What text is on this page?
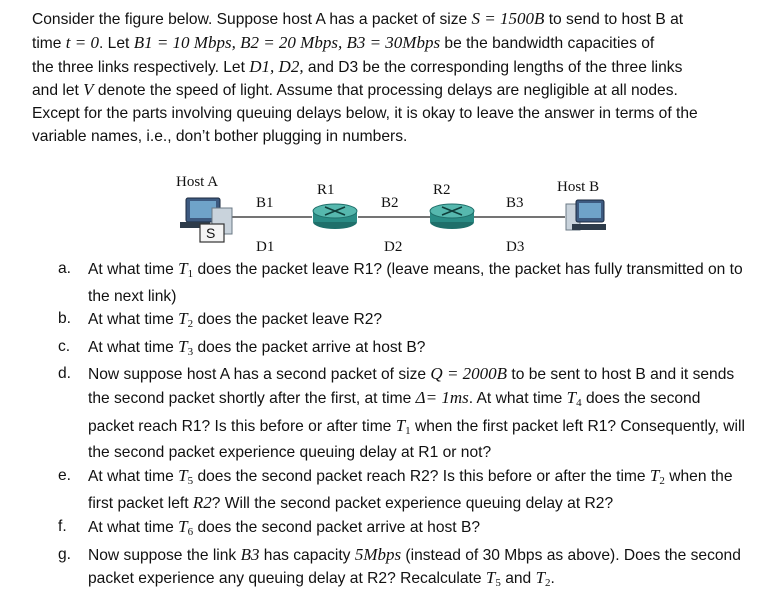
Consider the figure below. Suppose host A has a packet of size S = 1500B to send to host B at
time t = 0. Let B1 = 10 Mbps, B2 = 20 Mbps, B3 = 30Mbps be the bandwidth capacities of
the three links respectively. Let D1, D2, and D3 be the corresponding lengths of the three links
and let V denote the speed of light. Assume that processing delays are negligible at all nodes.
Except for the parts involving queuing delays below, it is okay to leave the answer in terms of the
variable names, i.e., don’t bother plugging in numbers.
Host A	R1	R2	Host B
B1	B2	B3
D1	D2	D3
S
a. At what time $T_1$ does the packet leave R1? (leave means, the packet has fully transmitted on to the next link)
b. At what time $T_2$ does the packet leave R2?
c. At what time $T_3$ does the packet arrive at host B?
d. Now suppose host A has a second packet of size Q = 2000B to be sent to host B and it sends the second packet shortly after the first, at time Δ= 1ms. At what time $T_4$ does the second packet reach R1? Is this before or after time $T_1$ when the first packet left R1? Consequently, will the second packet experience queuing delay at R1 or not?
e. At what time $T_5$ does the second packet reach R2? Is this before or after the time $T_2$ when the first packet left R2? Will the second packet experience queuing delay at R2?
f. At what time $T_6$ does the second packet arrive at host B?
g. Now suppose the link B3 has capacity 5Mbps (instead of 30 Mbps as above). Does the second packet experience any queuing delay at R2? Recalculate $T_5$ and $T_2$.
